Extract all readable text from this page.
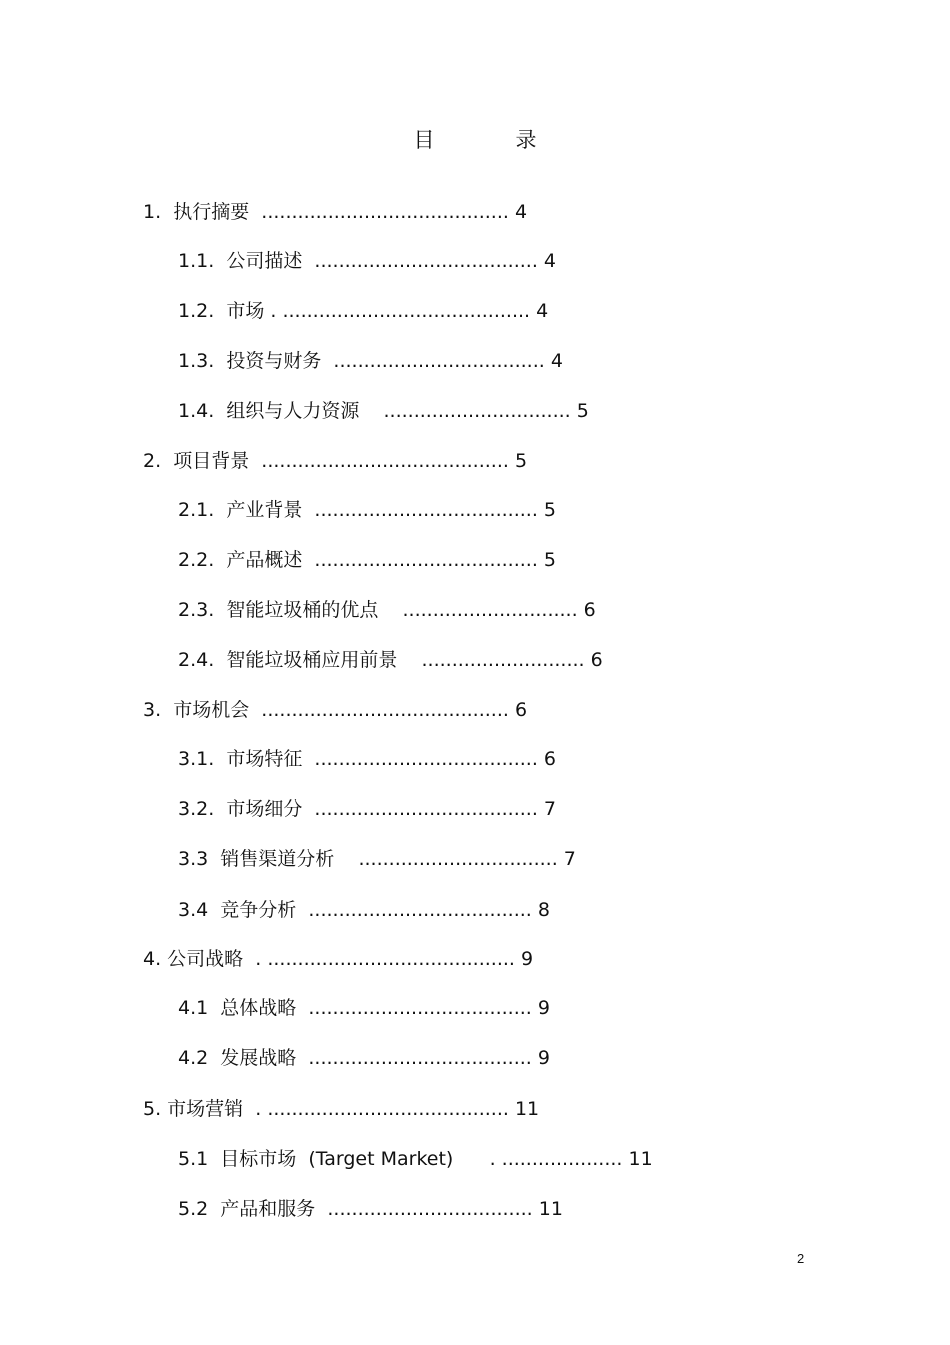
目　录
1.  执行摘要  ......................................... 4
1.1.  公司描述  ..................................... 4
1.2.  市场 . ......................................... 4
1.3.  投资与财务  ................................... 4
1.4.  组织与人力资源    ............................... 5
2.  项目背景  ......................................... 5
2.1.  产业背景  ..................................... 5
2.2.  产品概述  ..................................... 5
2.3.  智能垃圾桶的优点    ............................. 6
2.4.  智能垃圾桶应用前景    ........................... 6
3.  市场机会  ......................................... 6
3.1.  市场特征  ..................................... 6
3.2.  市场细分  ..................................... 7
3.3  销售渠道分析    ................................. 7
3.4  竞争分析  ..................................... 8
4. 公司战略  . ......................................... 9
4.1  总体战略  ..................................... 9
4.2  发展战略  ..................................... 9
5. 市场营销  . ........................................ 11
5.1  目标市场  (Target Market)      . .................... 11
5.2  产品和服务  .................................. 11
2
